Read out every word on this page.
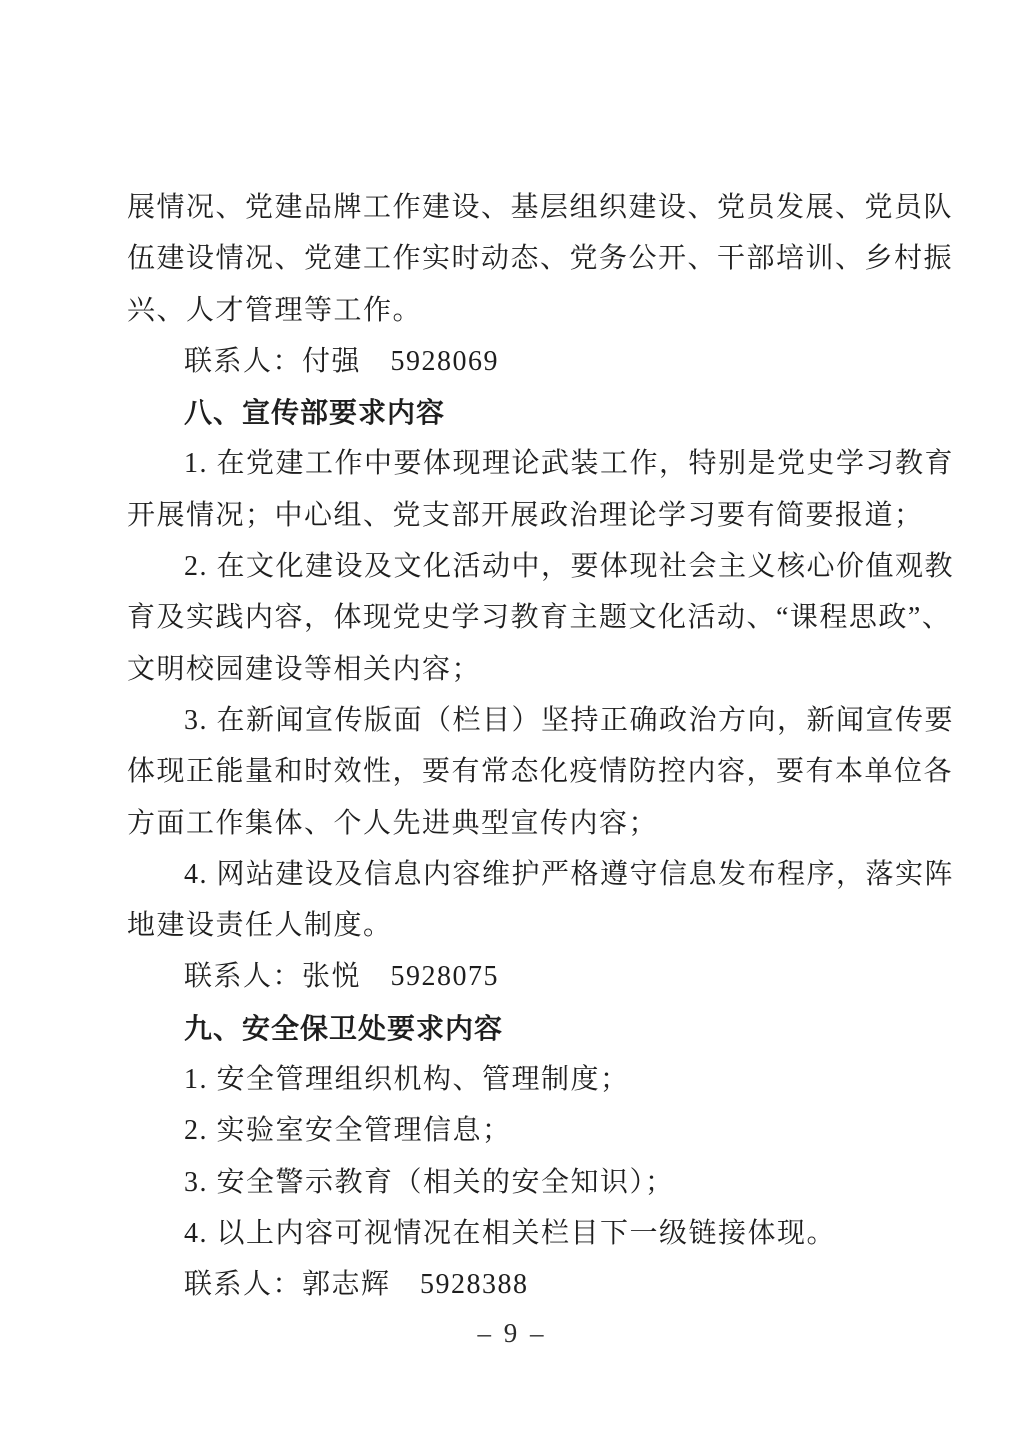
展情况、党建品牌工作建设、基层组织建设、党员发展、党员队
伍建设情况、党建工作实时动态、党务公开、干部培训、乡村振
兴、人才管理等工作。
联系人：付强　5928069
八、宣传部要求内容
1. 在党建工作中要体现理论武装工作，特别是党史学习教育
开展情况；中心组、党支部开展政治理论学习要有简要报道；
2. 在文化建设及文化活动中，要体现社会主义核心价值观教
育及实践内容，体现党史学习教育主题文化活动、“课程思政”、
文明校园建设等相关内容；
3. 在新闻宣传版面（栏目）坚持正确政治方向，新闻宣传要
体现正能量和时效性，要有常态化疫情防控内容，要有本单位各
方面工作集体、个人先进典型宣传内容；
4. 网站建设及信息内容维护严格遵守信息发布程序，落实阵
地建设责任人制度。
联系人：张悦　5928075
九、安全保卫处要求内容
1. 安全管理组织机构、管理制度；
2. 实验室安全管理信息；
3. 安全警示教育（相关的安全知识）；
4. 以上内容可视情况在相关栏目下一级链接体现。
联系人：郭志辉　5928388
– 9 –
